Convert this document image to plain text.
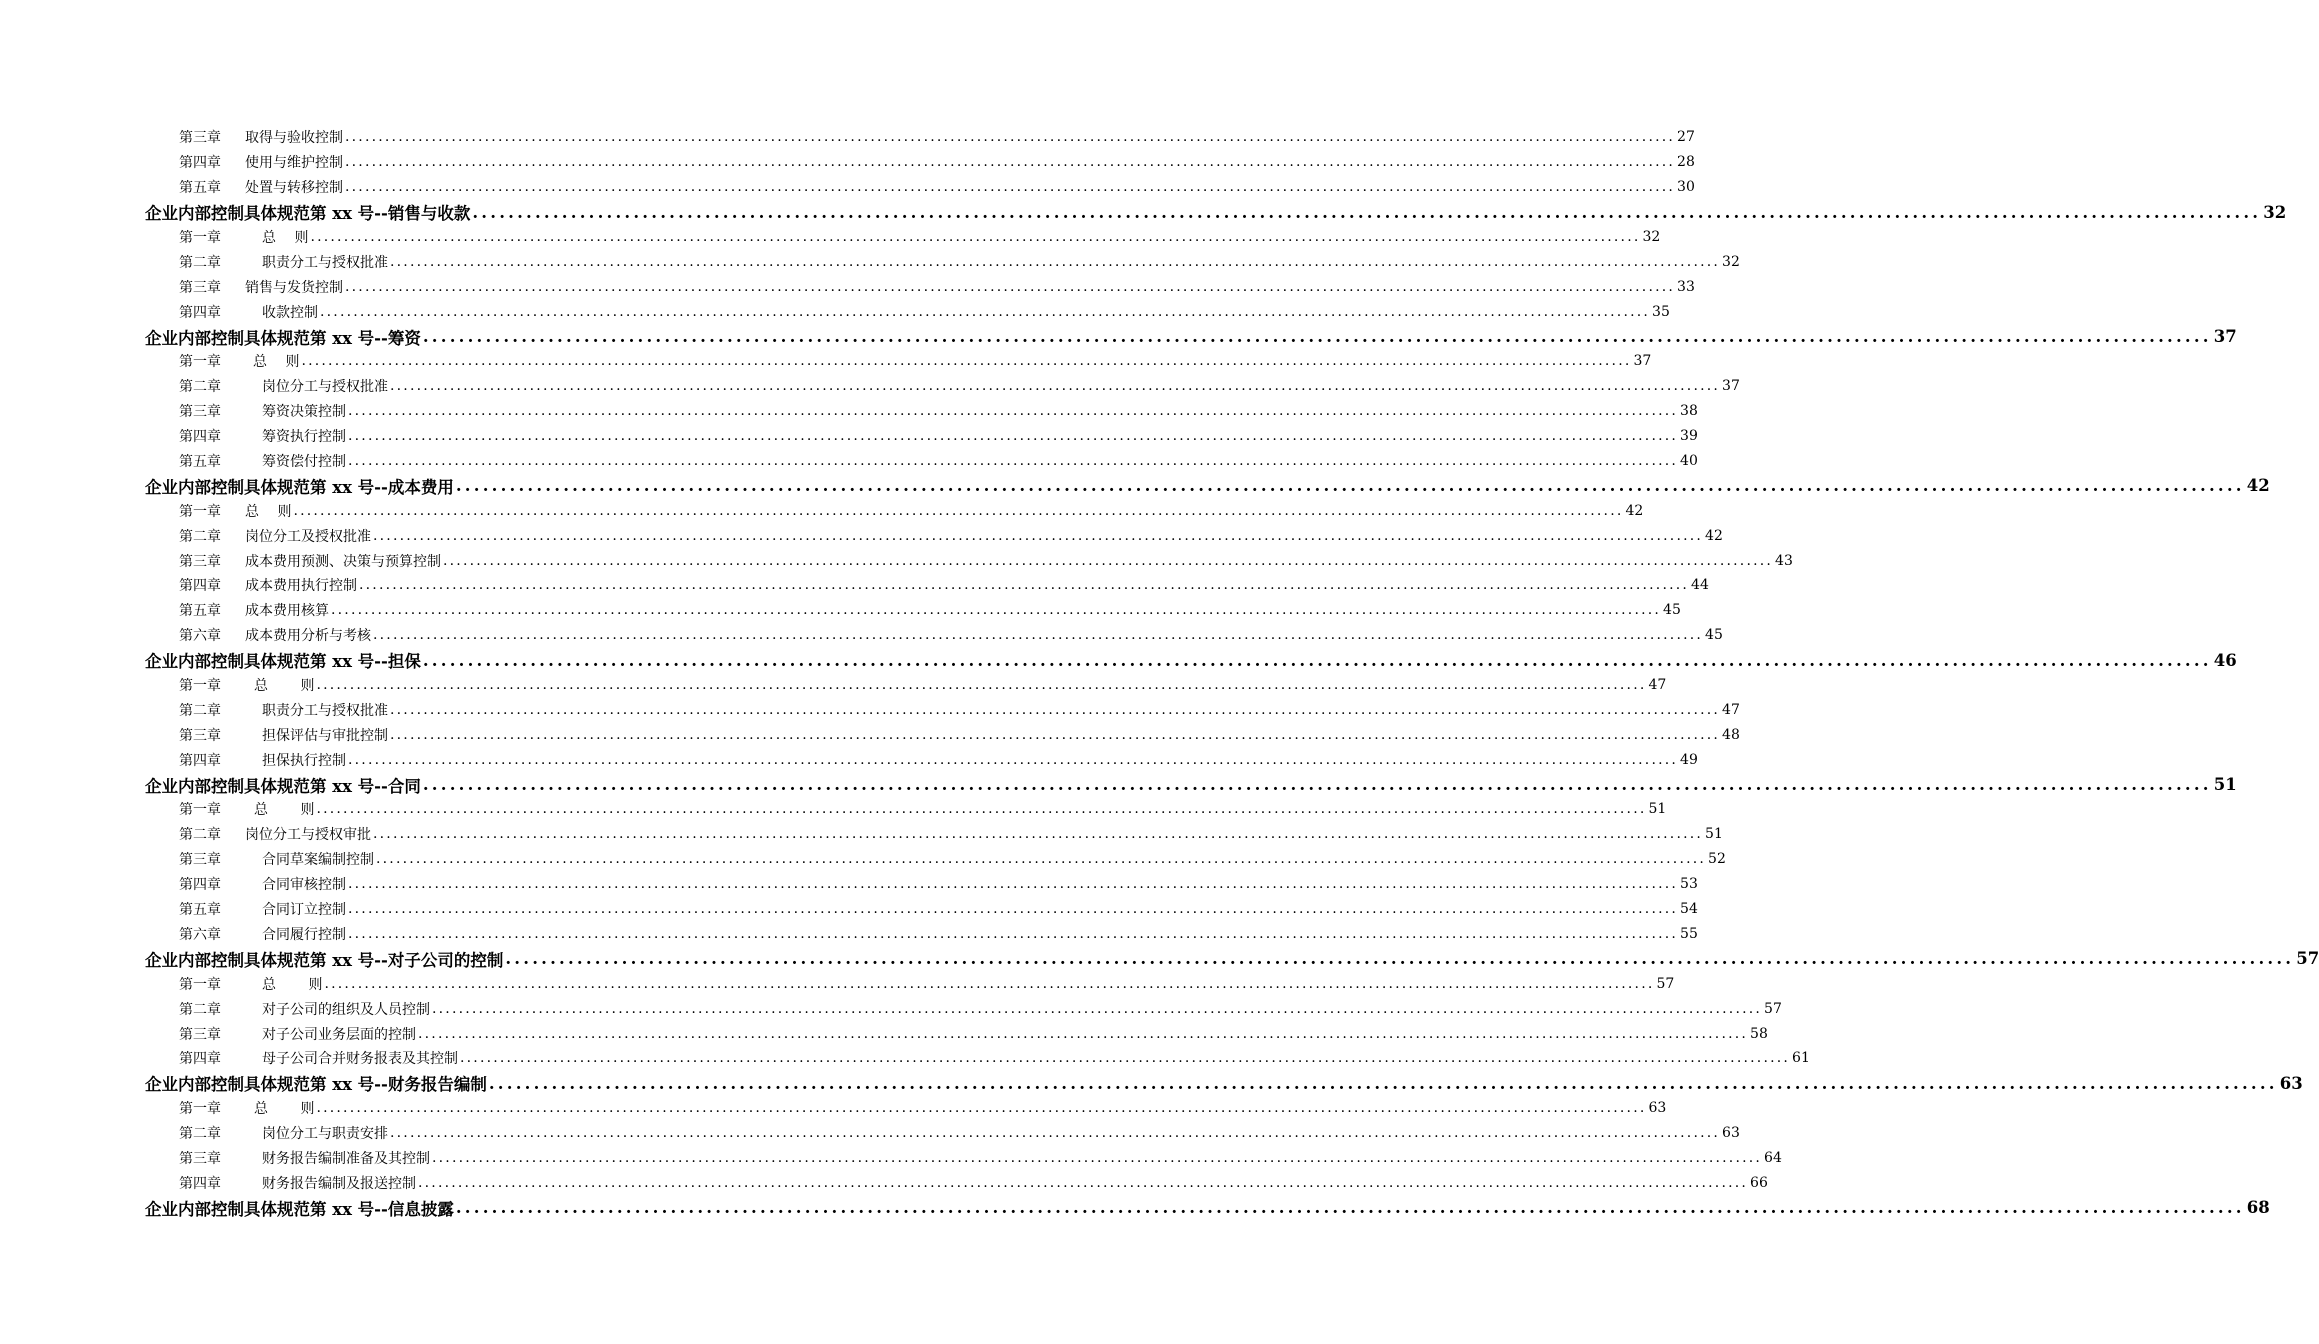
第三章	取得与验收控制 ........................................................................................................................................................................................................ 27
第四章	使用与维护控制 ........................................................................................................................................................................................................ 28
第五章	处置与转移控制 ........................................................................................................................................................................................................ 30
企业内部控制具体规范第 xx 号--销售与收款 ........................................................................................................................................................................................................ 32
第一章	总　 则 ........................................................................................................................................................................................................ 32
第二章	职责分工与授权批准 ........................................................................................................................................................................................................ 32
第三章	销售与发货控制 ........................................................................................................................................................................................................ 33
第四章	收款控制 ........................................................................................................................................................................................................ 35
企业内部控制具体规范第 xx 号--筹资 ........................................................................................................................................................................................................ 37
第一章	总　 则 ........................................................................................................................................................................................................ 37
第二章	岗位分工与授权批准 ........................................................................................................................................................................................................ 37
第三章	筹资决策控制 ........................................................................................................................................................................................................ 38
第四章	筹资执行控制 ........................................................................................................................................................................................................ 39
第五章	筹资偿付控制 ........................................................................................................................................................................................................ 40
企业内部控制具体规范第 xx 号--成本费用 ........................................................................................................................................................................................................ 42
第一章	总　 则 ........................................................................................................................................................................................................ 42
第二章	岗位分工及授权批准 ........................................................................................................................................................................................................ 42
第三章	成本费用预测、决策与预算控制 ........................................................................................................................................................................................................ 43
第四章	成本费用执行控制 ........................................................................................................................................................................................................ 44
第五章	成本费用核算 ........................................................................................................................................................................................................ 45
第六章	成本费用分析与考核 ........................................................................................................................................................................................................ 45
企业内部控制具体规范第 xx 号--担保 ........................................................................................................................................................................................................ 46
第一章	总　　 则 ........................................................................................................................................................................................................ 47
第二章	职责分工与授权批准 ........................................................................................................................................................................................................ 47
第三章	担保评估与审批控制 ........................................................................................................................................................................................................ 48
第四章	担保执行控制 ........................................................................................................................................................................................................ 49
企业内部控制具体规范第 xx 号--合同 ........................................................................................................................................................................................................ 51
第一章	总　　 则 ........................................................................................................................................................................................................ 51
第二章	岗位分工与授权审批 ........................................................................................................................................................................................................ 51
第三章	合同草案编制控制 ........................................................................................................................................................................................................ 52
第四章	合同审核控制 ........................................................................................................................................................................................................ 53
第五章	合同订立控制 ........................................................................................................................................................................................................ 54
第六章	合同履行控制 ........................................................................................................................................................................................................ 55
企业内部控制具体规范第 xx 号--对子公司的控制 ........................................................................................................................................................................................................ 57
第一章	总　　 则 ........................................................................................................................................................................................................ 57
第二章	对子公司的组织及人员控制 ........................................................................................................................................................................................................ 57
第三章	对子公司业务层面的控制 ........................................................................................................................................................................................................ 58
第四章	母子公司合并财务报表及其控制 ........................................................................................................................................................................................................ 61
企业内部控制具体规范第 xx 号--财务报告编制 ........................................................................................................................................................................................................ 63
第一章	总　　 则 ........................................................................................................................................................................................................ 63
第二章	岗位分工与职责安排 ........................................................................................................................................................................................................ 63
第三章	财务报告编制准备及其控制 ........................................................................................................................................................................................................ 64
第四章	财务报告编制及报送控制 ........................................................................................................................................................................................................ 66
企业内部控制具体规范第 xx 号--信息披露 ........................................................................................................................................................................................................ 68
